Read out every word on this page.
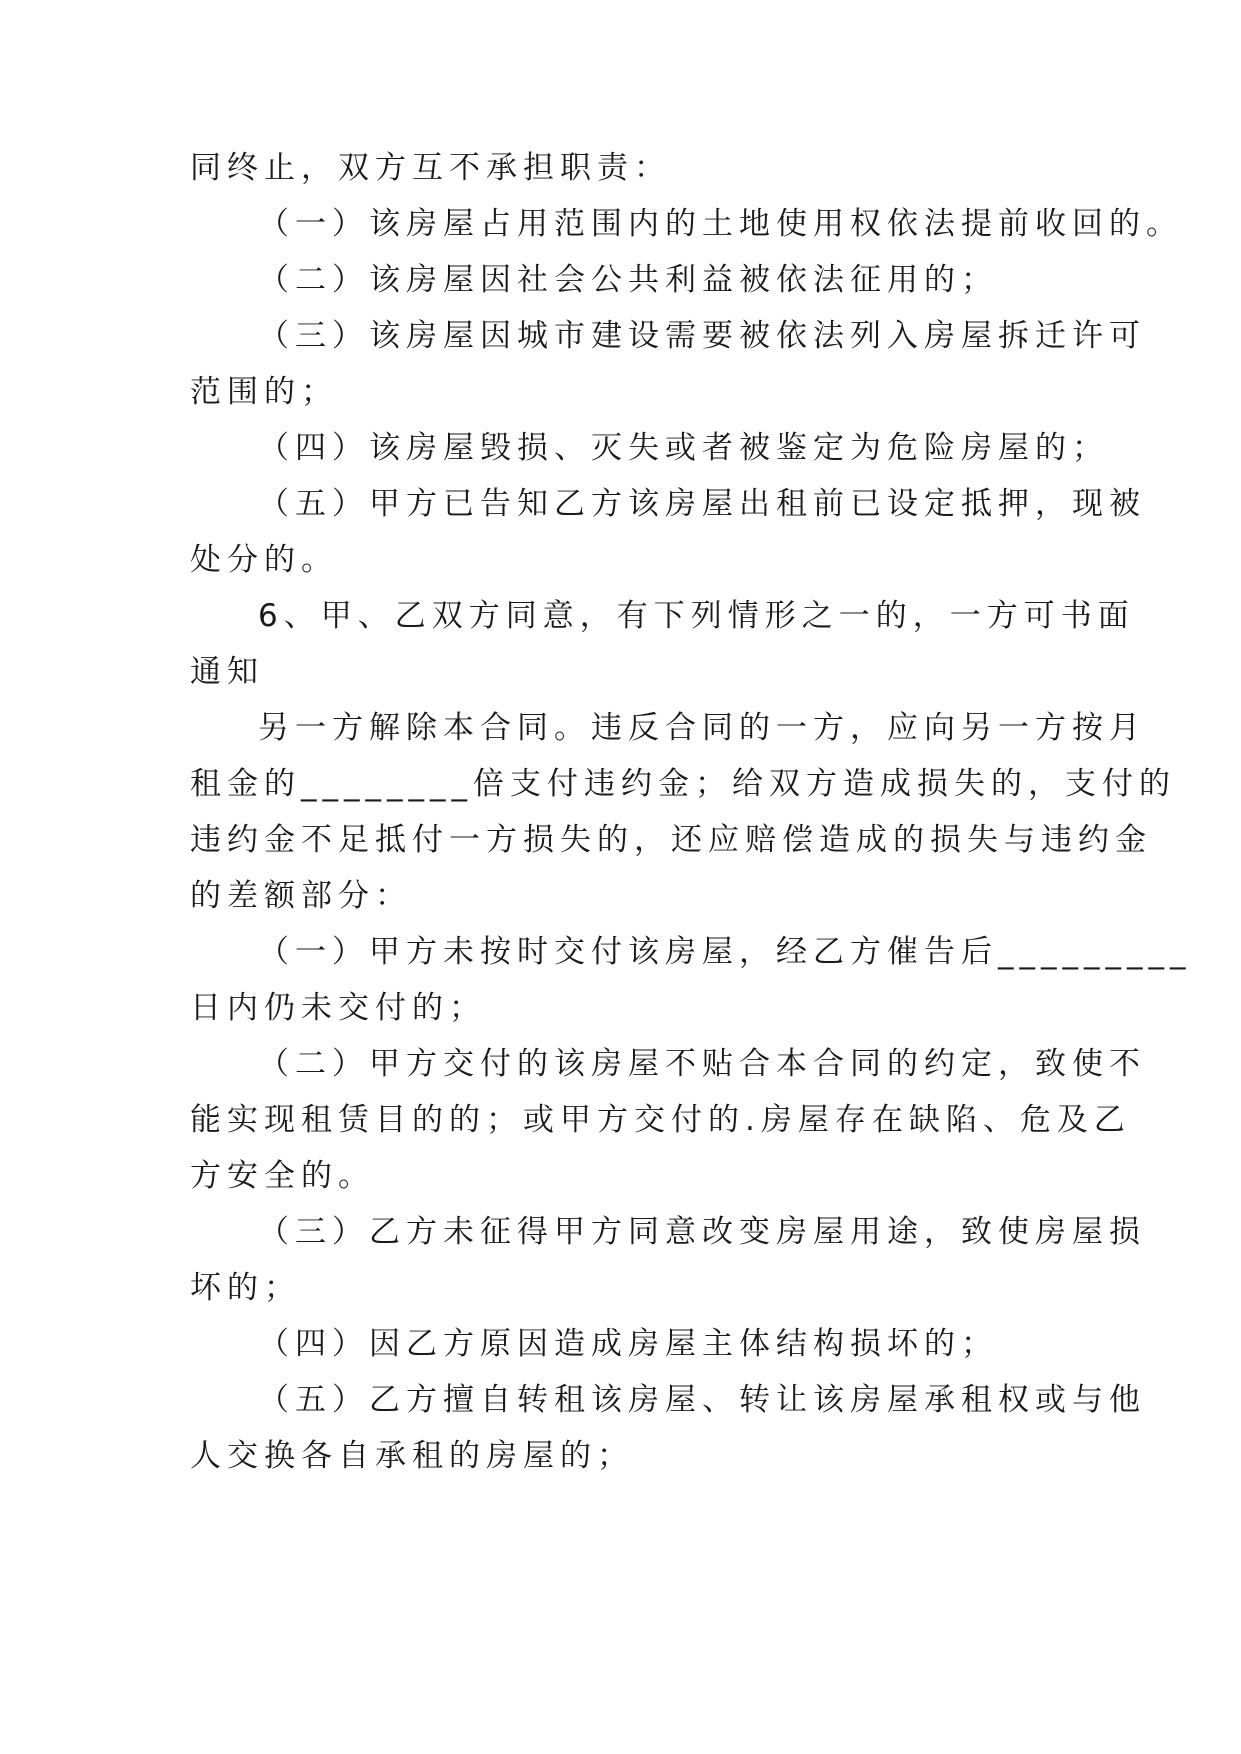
同终止，双方互不承担职责：
（一）该房屋占用范围内的土地使用权依法提前收回的。
（二）该房屋因社会公共利益被依法征用的；
（三）该房屋因城市建设需要被依法列入房屋拆迁许可
范围的；
（四）该房屋毁损、灭失或者被鉴定为危险房屋的；
（五）甲方已告知乙方该房屋出租前已设定抵押，现被
处分的。
6、甲、乙双方同意，有下列情形之一的，一方可书面
通知
另一方解除本合同。违反合同的一方，应向另一方按月
租金的________倍支付违约金；给双方造成损失的，支付的
违约金不足抵付一方损失的，还应赔偿造成的损失与违约金
的差额部分：
（一）甲方未按时交付该房屋，经乙方催告后_________
日内仍未交付的；
（二）甲方交付的该房屋不贴合本合同的约定，致使不
能实现租赁目的的；或甲方交付的.房屋存在缺陷、危及乙
方安全的。
（三）乙方未征得甲方同意改变房屋用途，致使房屋损
坏的；
（四）因乙方原因造成房屋主体结构损坏的；
（五）乙方擅自转租该房屋、转让该房屋承租权或与他
人交换各自承租的房屋的；
